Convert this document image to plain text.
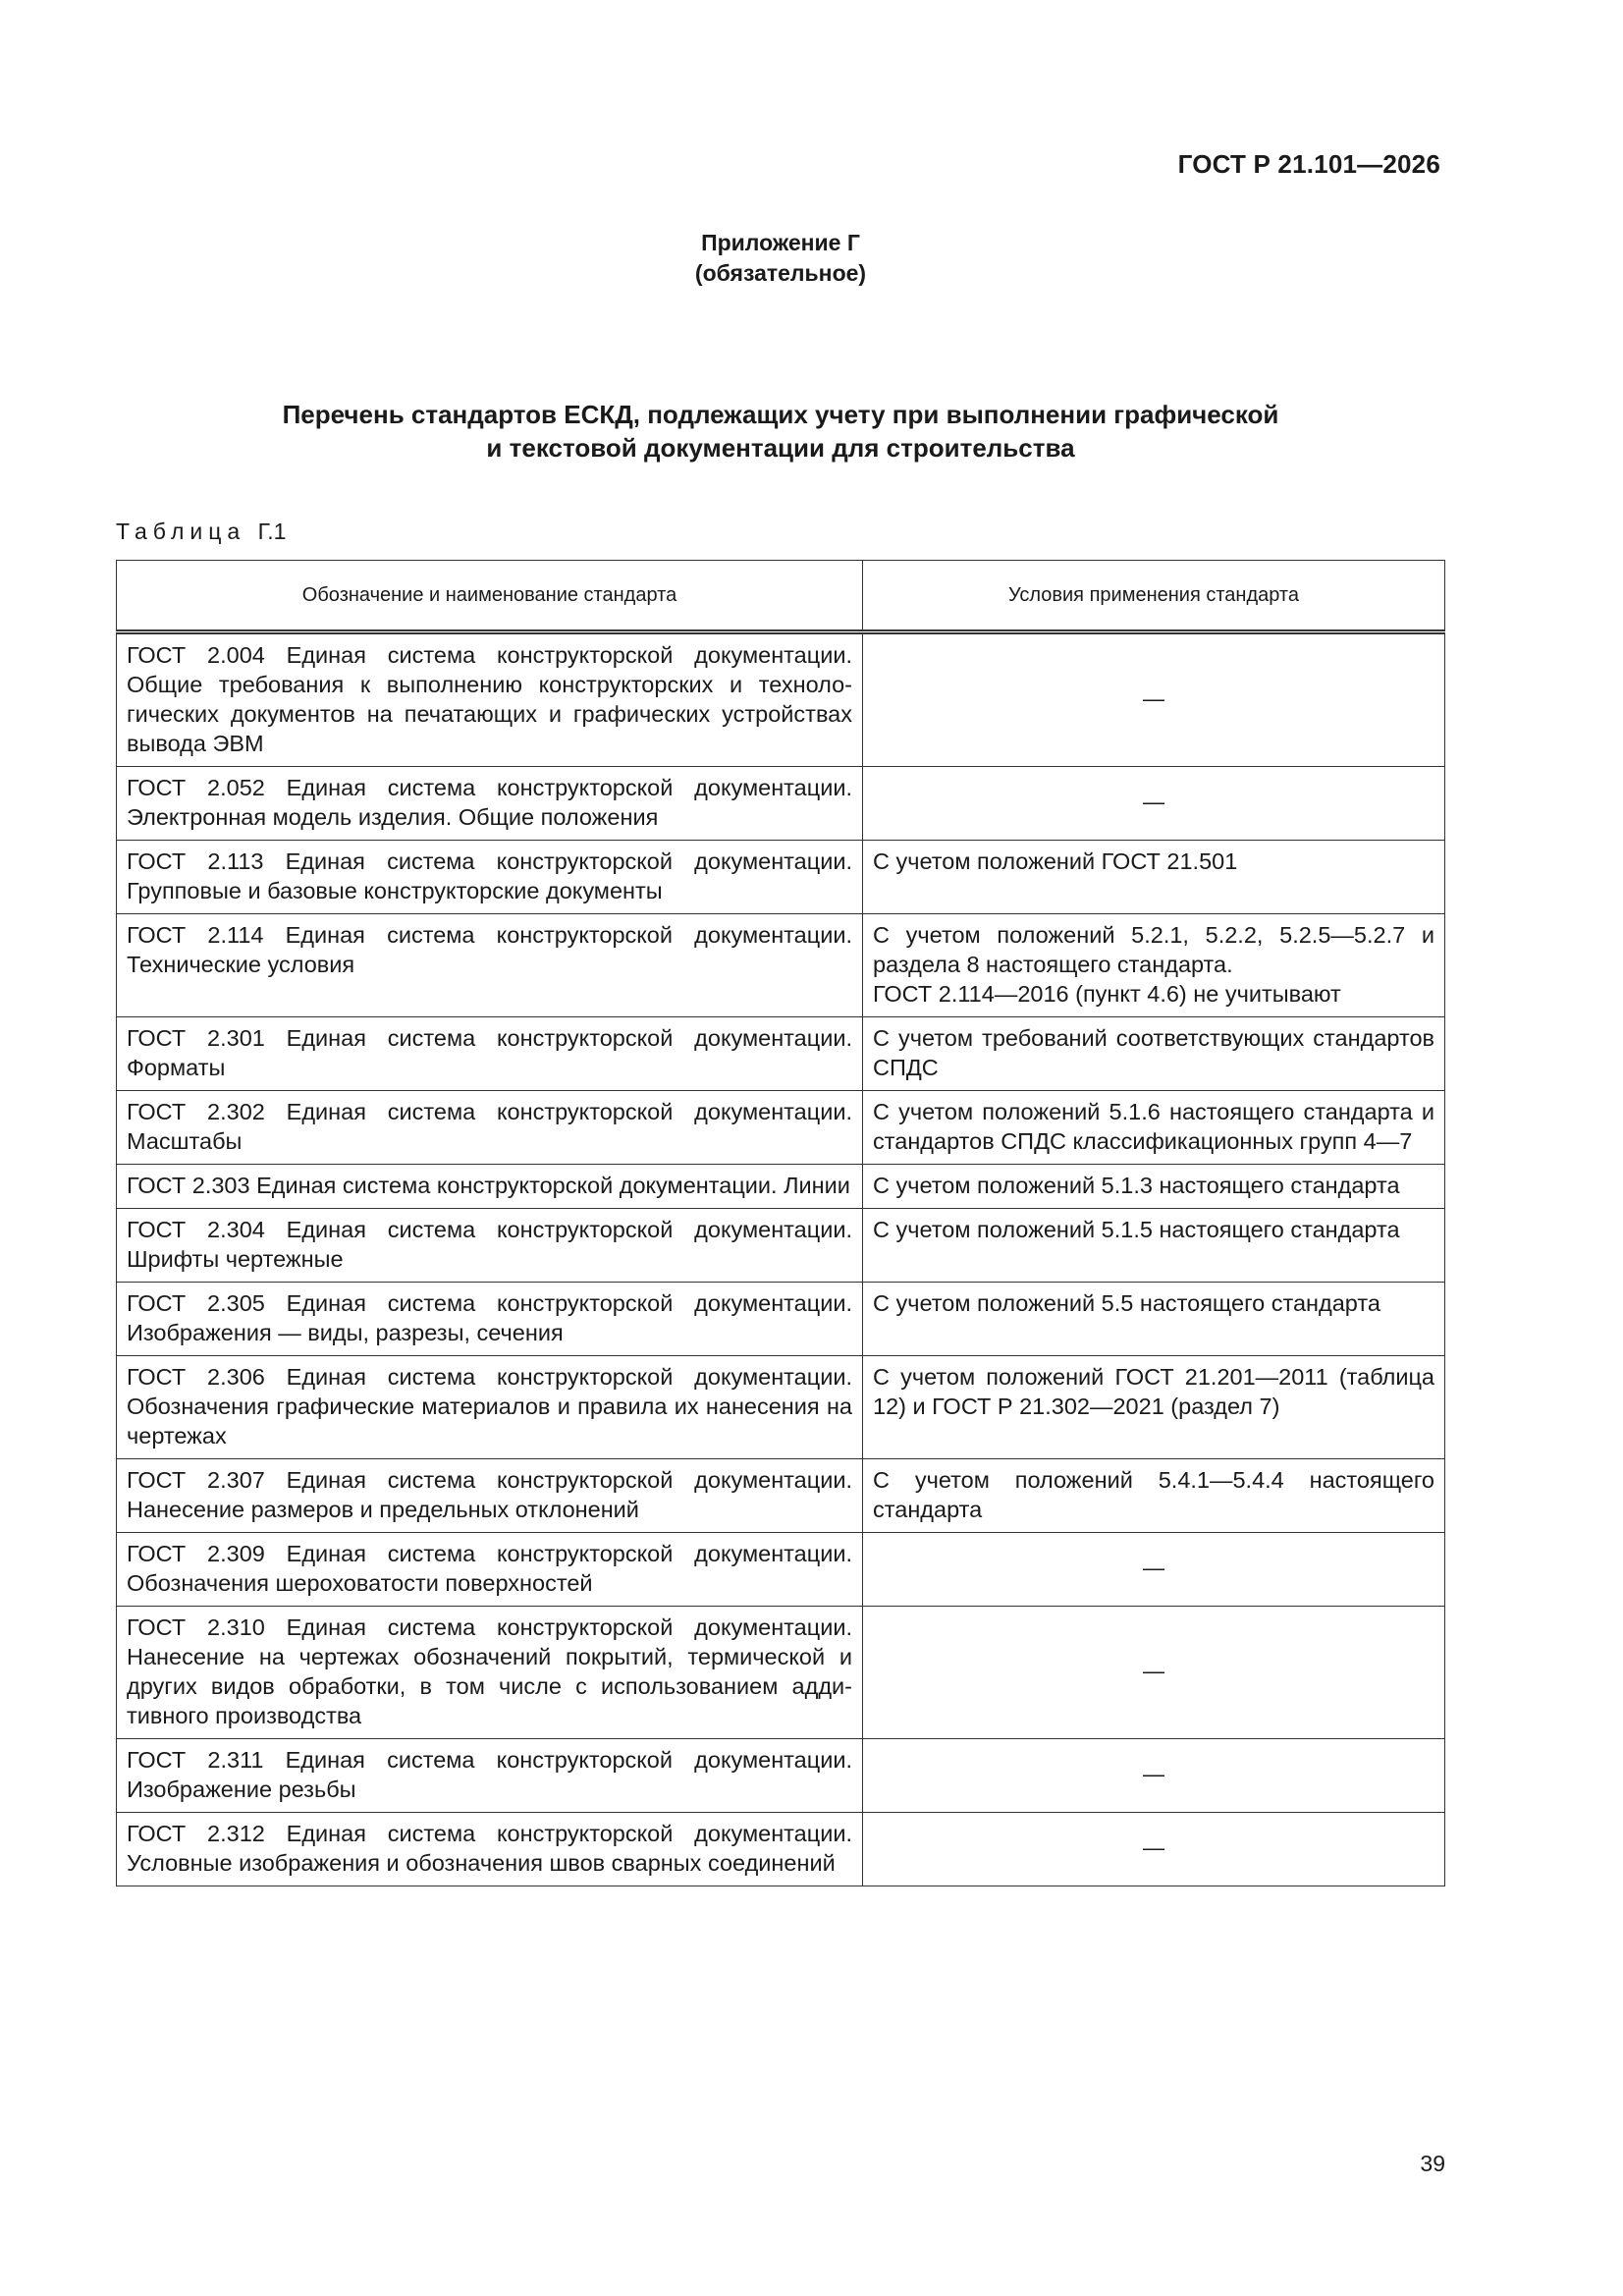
ГОСТ Р 21.101—2026
Приложение Г
(обязательное)
Перечень стандартов ЕСКД, подлежащих учету при выполнении графической
и текстовой документации для строительства
Таблица Г.1
Обозначение и наименование стандарта	Условия применения стандарта
ГОСТ 2.004 Единая система конструкторской документации. Общие требования к выполнению конструкторских и технологических документов на печатающих и графических устройствах вывода ЭВМ	—
ГОСТ 2.052 Единая система конструкторской документации. Электронная модель изделия. Общие положения	—
ГОСТ 2.113 Единая система конструкторской документации. Групповые и базовые конструкторские документы	С учетом положений ГОСТ 21.501
ГОСТ 2.114 Единая система конструкторской документации. Технические условия	С учетом положений 5.2.1, 5.2.2, 5.2.5—5.2.7 и раздела 8 настоящего стандарта.
ГОСТ 2.114—2016 (пункт 4.6) не учитывают

ГОСТ 2.301 Единая система конструкторской документации. Форматы	С учетом требований соответствующих стандартов СПДС
ГОСТ 2.302 Единая система конструкторской документации. Масштабы	С учетом положений 5.1.6 настоящего стандарта и стандартов СПДС классификационных групп 4—7
ГОСТ 2.303 Единая система конструкторской документации. Линии	С учетом положений 5.1.3 настоящего стандарта
ГОСТ 2.304 Единая система конструкторской документации. Шрифты чертежные	С учетом положений 5.1.5 настоящего стандарта
ГОСТ 2.305 Единая система конструкторской документации. Изображения — виды, разрезы, сечения	С учетом положений 5.5 настоящего стандарта
ГОСТ 2.306 Единая система конструкторской документации. Обозначения графические материалов и правила их нанесения на чертежах	С учетом положений ГОСТ 21.201—2011 (таблица 12) и ГОСТ Р 21.302—2021 (раздел 7)
ГОСТ 2.307 Единая система конструкторской документации. Нанесение размеров и предельных отклонений	С учетом положений 5.4.1—5.4.4 настоящего стандарта
ГОСТ 2.309 Единая система конструкторской документации. Обозначения шероховатости поверхностей	—
ГОСТ 2.310 Единая система конструкторской документации. Нанесение на чертежах обозначений покрытий, термической и других видов обработки, в том числе с использованием аддитивного производства	—
ГОСТ 2.311 Единая система конструкторской документации. Изображение резьбы	—
ГОСТ 2.312 Единая система конструкторской документации. Условные изображения и обозначения швов сварных соединений	—
39
